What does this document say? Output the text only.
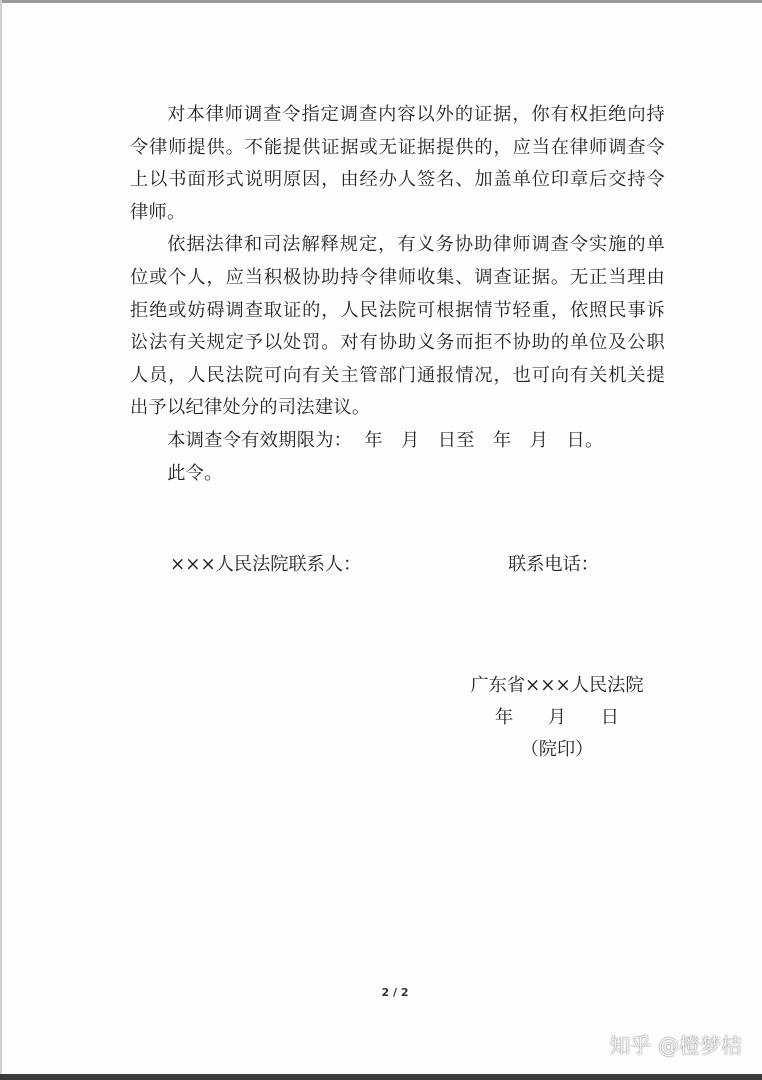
对本律师调查令指定调查内容以外的证据，你有权拒绝向持令律师提供。不能提供证据或无证据提供的，应当在律师调查令上以书面形式说明原因，由经办人签名、加盖单位印章后交持令律师。

依据法律和司法解释规定，有义务协助律师调查令实施的单位或个人，应当积极协助持令律师收集、调查证据。无正当理由拒绝或妨碍调查取证的，人民法院可根据情节轻重，依照民事诉讼法有关规定予以处罚。对有协助义务而拒不协助的单位及公职人员，人民法院可向有关主管部门通报情况，也可向有关机关提出予以纪律处分的司法建议。

本调查令有效期限为：  年   月   日至   年   月   日。

此令。

×××人民法院联系人：	联系电话：
广东省×××人民法院
年      月      日
（院印）
2 / 2
知乎 @橙梦桔
